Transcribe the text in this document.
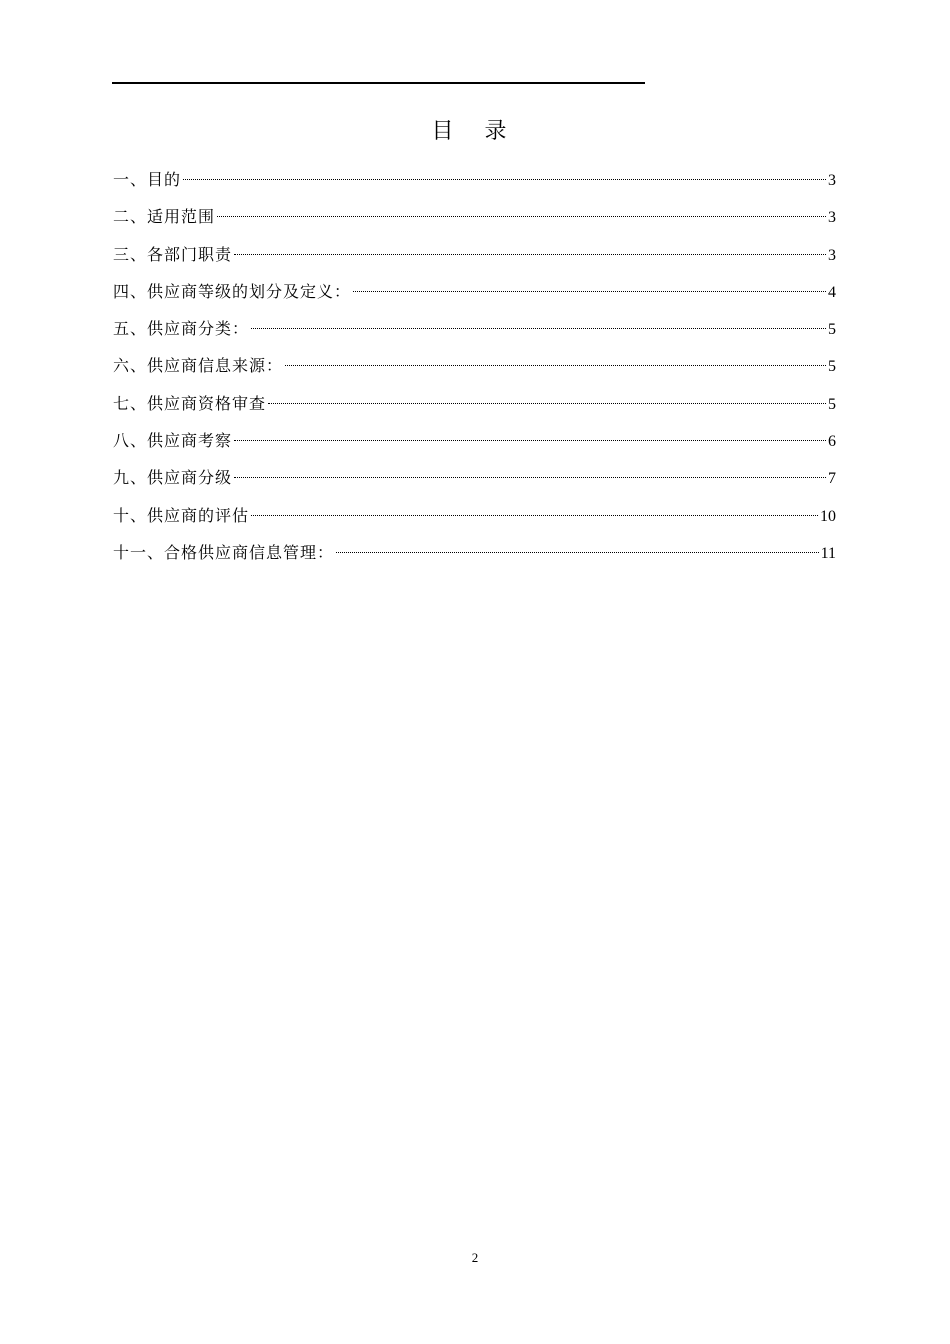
目 录
一、目的	3
二、适用范围	3
三、各部门职责	3
四、供应商等级的划分及定义：	4
五、供应商分类：	5
六、供应商信息来源：	5
七、供应商资格审查	5
八、供应商考察	6
九、供应商分级	7
十、供应商的评估	10
十一、合格供应商信息管理：	11
2
